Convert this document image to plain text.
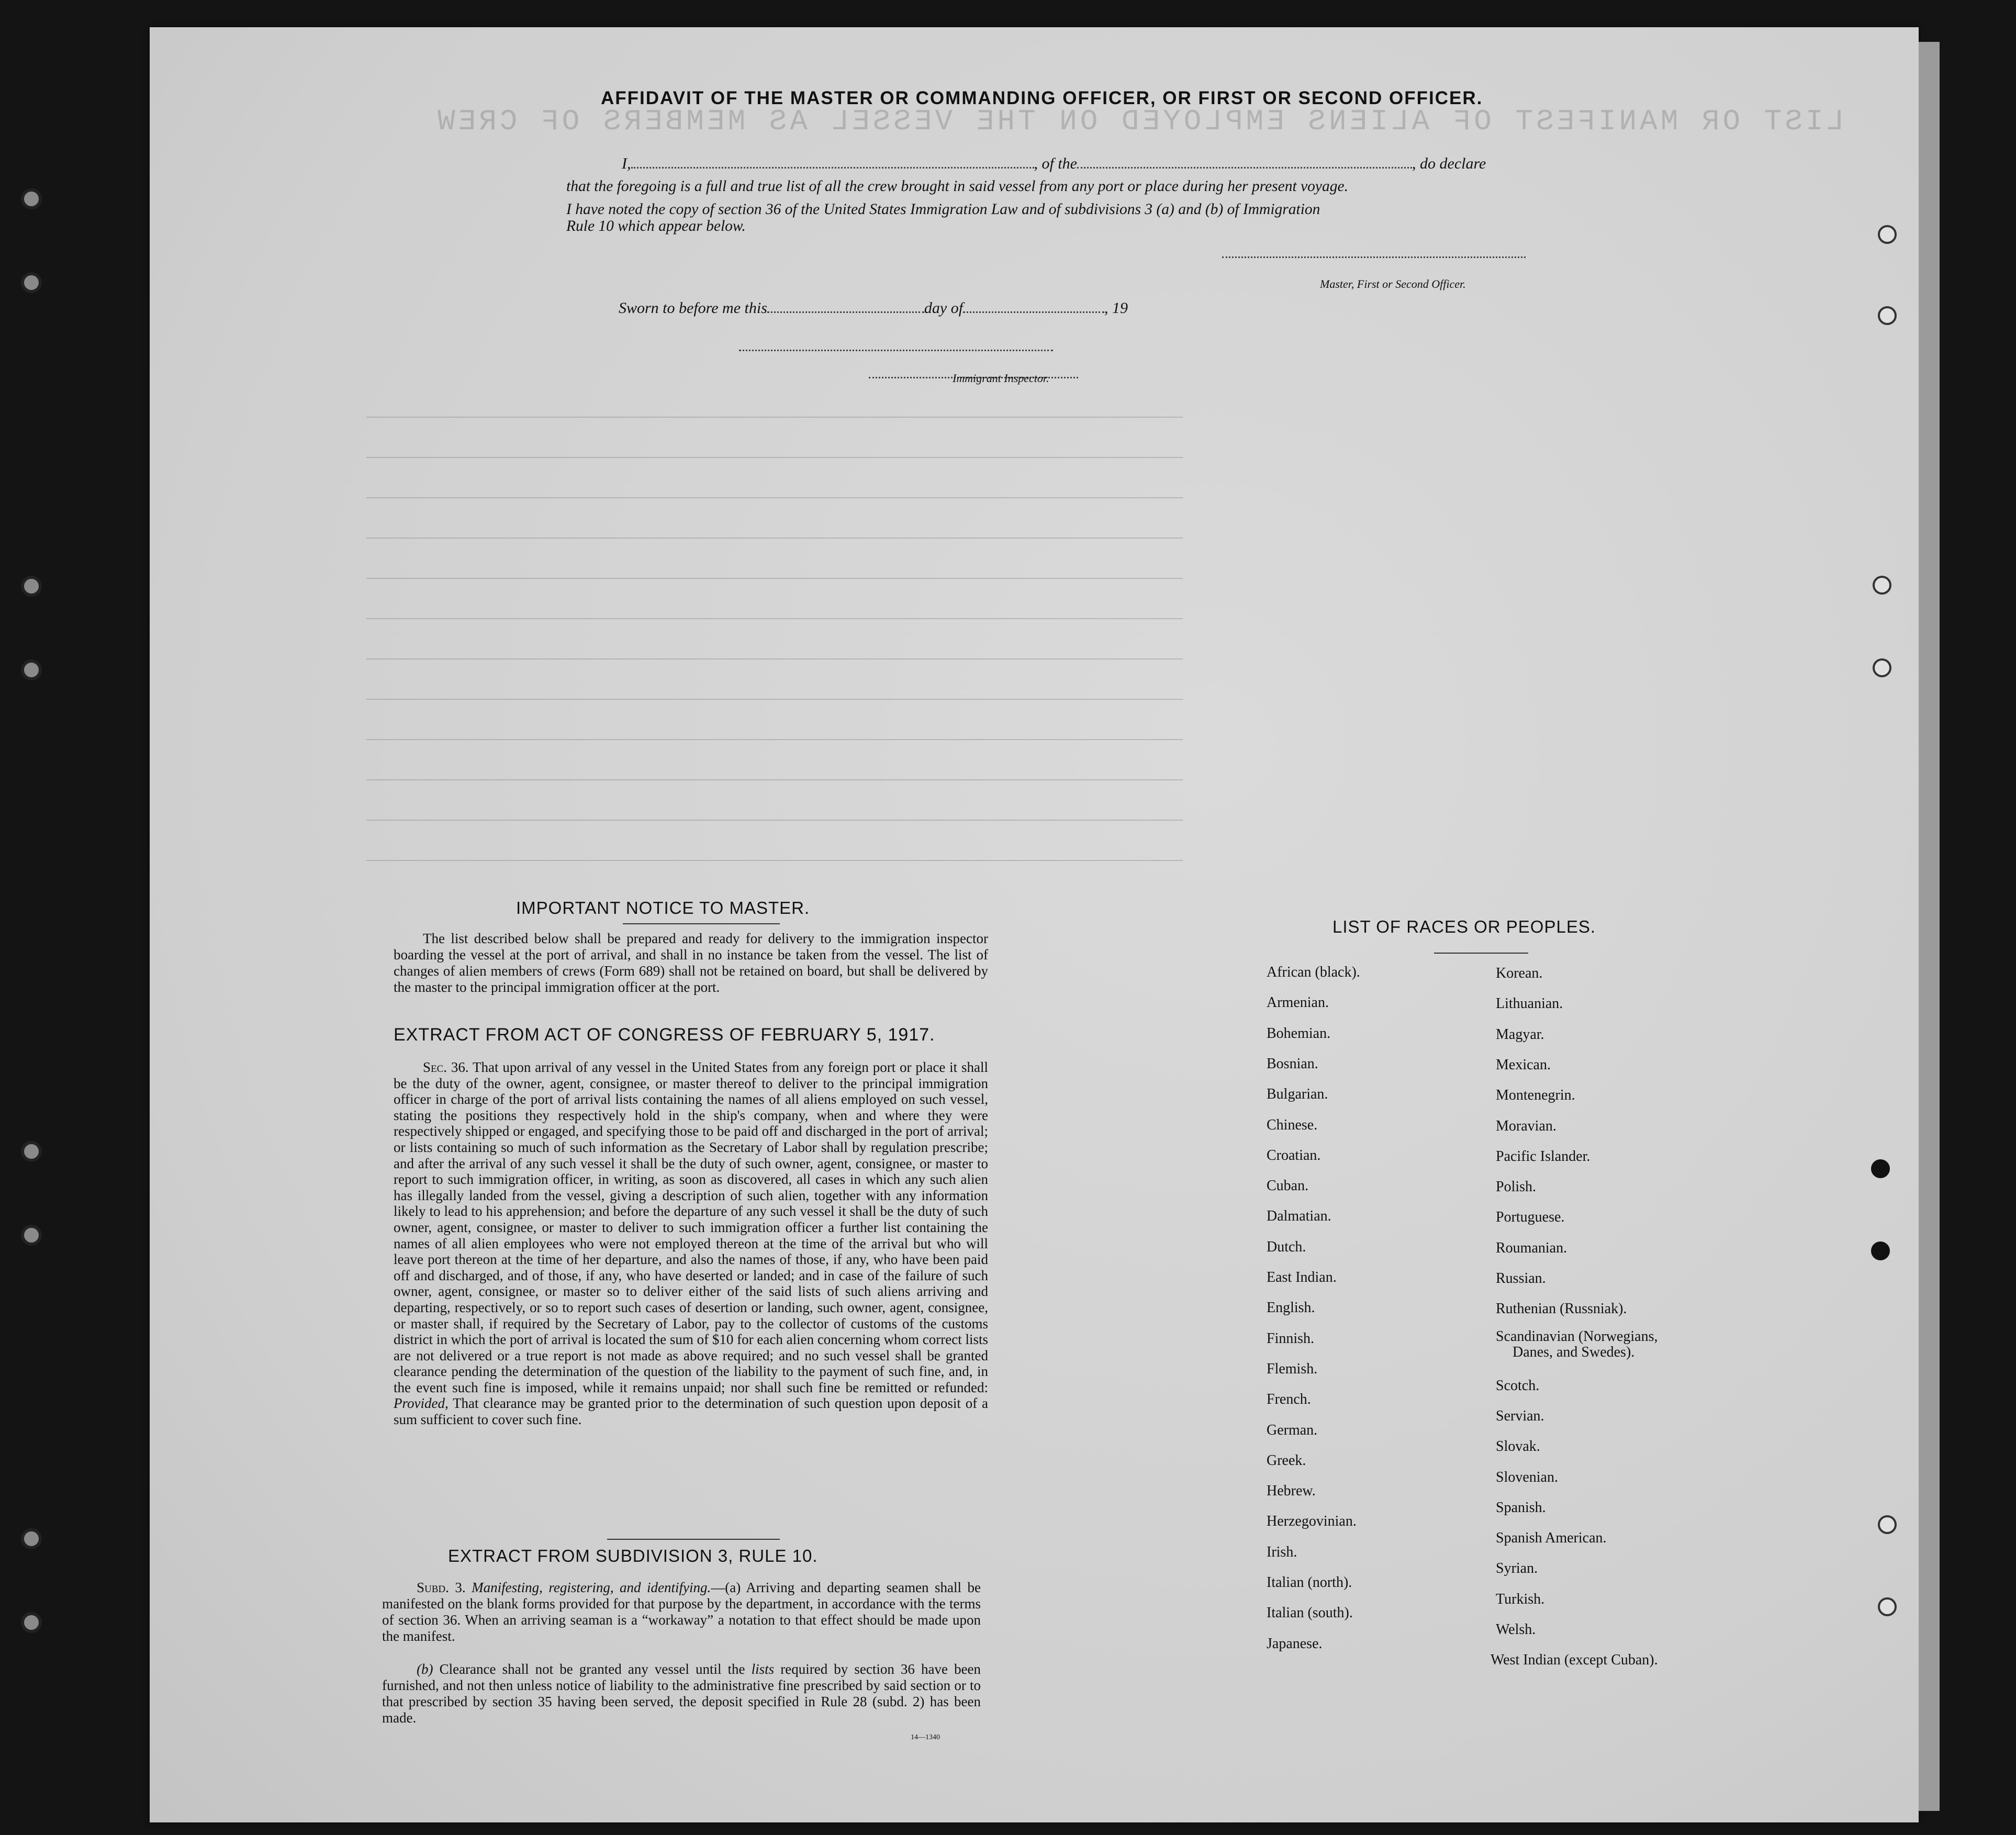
LIST OR MANIFEST OF ALIENS EMPLOYED ON THE VESSEL AS MEMBERS OF CREW
────────────────────────────────────────────────────────────────────────────────────────────────────
────────────────────────────────────────────────────────────────────────────────────────────────────
────────────────────────────────────────────────────────────────────────────────────────────────────
────────────────────────────────────────────────────────────────────────────────────────────────────
────────────────────────────────────────────────────────────────────────────────────────────────────
────────────────────────────────────────────────────────────────────────────────────────────────────
────────────────────────────────────────────────────────────────────────────────────────────────────
────────────────────────────────────────────────────────────────────────────────────────────────────
────────────────────────────────────────────────────────────────────────────────────────────────────
────────────────────────────────────────────────────────────────────────────────────────────────────
────────────────────────────────────────────────────────────────────────────────────────────────────
────────────────────────────────────────────────────────────────────────────────────────────────────
AFFIDAVIT OF THE MASTER OR COMMANDING OFFICER, OR FIRST OR SECOND OFFICER.
I,	, of the	, do declare
that the foregoing is a full and true list of all the crew brought in said vessel from any port or place during her present voyage.
I have noted the copy of section 36 of the United States Immigration Law and of subdivisions 3 (a) and (b) of Immigration
Rule 10 which appear below.
Master, First or Second Officer.
Sworn to before me this	day of	, 19
Immigrant Inspector.
IMPORTANT NOTICE TO MASTER.
The list described below shall be prepared and ready for delivery to the immigration inspector boarding the vessel at the port of arrival, and shall in no instance be taken from the vessel. The list of changes of alien members of crews (Form 689) shall not be retained on board, but shall be delivered by the master to the principal immigration officer at the port.
EXTRACT FROM ACT OF CONGRESS OF FEBRUARY 5, 1917.
Sec. 36. That upon arrival of any vessel in the United States from any foreign port or place it shall be the duty of the owner, agent, consignee, or master thereof to deliver to the principal immigration officer in charge of the port of arrival lists containing the names of all aliens employed on such vessel, stating the positions they respectively hold in the ship's company, when and where they were respectively shipped or engaged, and specifying those to be paid off and discharged in the port of arrival; or lists containing so much of such information as the Secretary of Labor shall by regulation prescribe; and after the arrival of any such vessel it shall be the duty of such owner, agent, consignee, or master to report to such immigration officer, in writing, as soon as discovered, all cases in which any such alien has illegally landed from the vessel, giving a description of such alien, together with any information likely to lead to his apprehension; and before the departure of any such vessel it shall be the duty of such owner, agent, consignee, or master to deliver to such immigration officer a further list containing the names of all alien employees who were not employed thereon at the time of the arrival but who will leave port thereon at the time of her departure, and also the names of those, if any, who have been paid off and discharged, and of those, if any, who have deserted or landed; and in case of the failure of such owner, agent, consignee, or master so to deliver either of the said lists of such aliens arriving and departing, respectively, or so to report such cases of desertion or landing, such owner, agent, consignee, or master shall, if required by the Secretary of Labor, pay to the collector of customs of the customs district in which the port of arrival is located the sum of $10 for each alien concerning whom correct lists are not delivered or a true report is not made as above required; and no such vessel shall be granted clearance pending the determination of the question of the liability to the payment of such fine, and, in the event such fine is imposed, while it remains unpaid; nor shall such fine be remitted or refunded: Provided, That clearance may be granted prior to the determination of such question upon deposit of a sum sufficient to cover such fine.
EXTRACT FROM SUBDIVISION 3, RULE 10.
Subd. 3. Manifesting, registering, and identifying.—(a) Arriving and departing seamen shall be manifested on the blank forms provided for that purpose by the department, in accordance with the terms of section 36. When an arriving seaman is a “workaway” a notation to that effect should be made upon the manifest.
(b) Clearance shall not be granted any vessel until the lists required by section 36 have been furnished, and not then unless notice of liability to the administrative fine prescribed by said section or to that prescribed by section 35 having been served, the deposit specified in Rule 28 (subd. 2) has been made.
14—1340
LIST OF RACES OR PEOPLES.
African (black).
Armenian.
Bohemian.
Bosnian.
Bulgarian.
Chinese.
Croatian.
Cuban.
Dalmatian.
Dutch.
East Indian.
English.
Finnish.
Flemish.
French.
German.
Greek.
Hebrew.
Herzegovinian.
Irish.
Italian (north).
Italian (south).
Japanese.
Korean.
Lithuanian.
Magyar.
Mexican.
Montenegrin.
Moravian.
Pacific Islander.
Polish.
Portuguese.
Roumanian.
Russian.
Ruthenian (Russniak).
Scandinavian (Norwegians,
Danes, and Swedes).
Scotch.
Servian.
Slovak.
Slovenian.
Spanish.
Spanish American.
Syrian.
Turkish.
Welsh.
West Indian (except Cuban).
